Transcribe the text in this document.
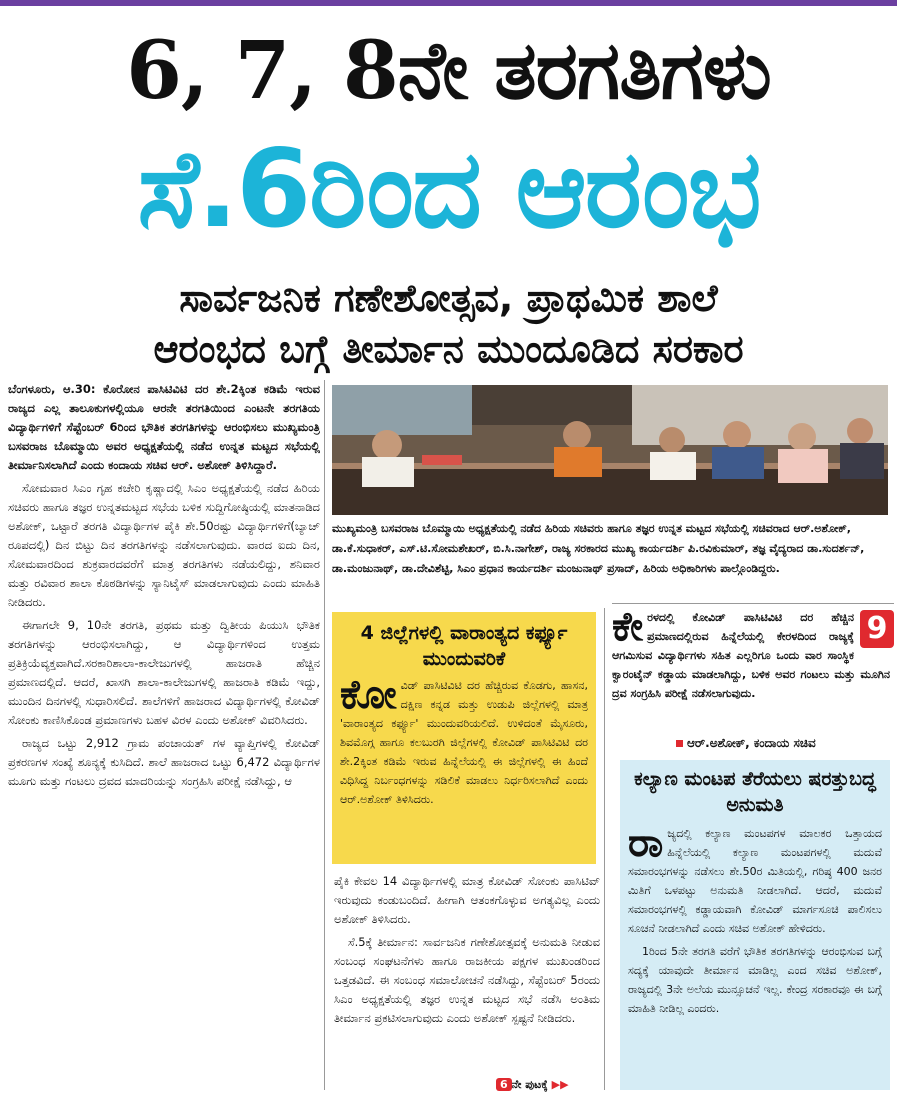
6, 7, 8ನೇ ತರಗತಿಗಳು
ಸೆ.6ರಿಂದ ಆರಂಭ
ಸಾರ್ವಜನಿಕ ಗಣೇಶೋತ್ಸವ, ಪ್ರಾಥಮಿಕ ಶಾಲೆ
ಆರಂಭದ ಬಗ್ಗೆ ತೀರ್ಮಾನ ಮುಂದೂಡಿದ ಸರಕಾರ

ಬೆಂಗಳೂರು, ಆ.30: ಕೊರೋನ ಪಾಸಿಟಿವಿಟಿ ದರ ಶೇ.2ಕ್ಕಿಂತ ಕಡಿಮೆ ಇರುವ ರಾಜ್ಯದ ಎಲ್ಲ ತಾಲೂಕುಗಳಲ್ಲಿಯೂ ಆರನೇ ತರಗತಿಯಿಂದ ಎಂಟನೇ ತರಗತಿಯ ವಿದ್ಯಾರ್ಥಿಗಳಿಗೆ ಸೆಪ್ಟೆಂಬರ್ 6ರಿಂದ ಭೌತಿಕ ತರಗತಿಗಳನ್ನು ಆರಂಭಿಸಲು ಮುಖ್ಯಮಂತ್ರಿ ಬಸವರಾಜ ಬೊಮ್ಮಾಯಿ ಅವರ ಅಧ್ಯಕ್ಷತೆಯಲ್ಲಿ ನಡೆದ ಉನ್ನತ ಮಟ್ಟದ ಸಭೆಯಲ್ಲಿ ತೀರ್ಮಾನಿಸಲಾಗಿದೆ ಎಂದು ಕಂದಾಯ ಸಚಿವ ಆರ್. ಅಶೋಕ್ ತಿಳಿಸಿದ್ದಾರೆ.

ಸೋಮವಾರ ಸಿಎಂ ಗೃಹ ಕಚೇರಿ ಕೃಷ್ಣಾದಲ್ಲಿ ಸಿಎಂ ಅಧ್ಯಕ್ಷತೆಯಲ್ಲಿ ನಡೆದ ಹಿರಿಯ ಸಚಿವರು ಹಾಗೂ ತಜ್ಞರ ಉನ್ನತಮಟ್ಟದ ಸಭೆಯ ಬಳಿಕ ಸುದ್ದಿಗೋಷ್ಠಿಯಲ್ಲಿ ಮಾತನಾಡಿದ ಅಶೋಕ್, ಒಟ್ಟಾರೆ ತರಗತಿ ವಿದ್ಯಾರ್ಥಿಗಳ ಪೈಕಿ ಶೇ.50ರಷ್ಟು ವಿದ್ಯಾರ್ಥಿಗಳಿಗೆ(ಬ್ಯಾಚ್ ರೂಪದಲ್ಲಿ) ದಿನ ಬಿಟ್ಟು ದಿನ ತರಗತಿಗಳನ್ನು ನಡೆಸಲಾಗುವುದು. ವಾರದ ಐದು ದಿನ, ಸೋಮವಾರದಿಂದ ಶುಕ್ರವಾರದವರೆಗೆ ಮಾತ್ರ ತರಗತಿಗಳು ನಡೆಯಲಿದ್ದು, ಶನಿವಾರ ಮತ್ತು ರವಿವಾರ ಶಾಲಾ ಕೊಠಡಿಗಳನ್ನು ಸ್ಯಾನಿಟೈಸ್ ಮಾಡಲಾಗುವುದು ಎಂದು ಮಾಹಿತಿ ನೀಡಿದರು.

ಈಗಾಗಲೇ 9, 10ನೇ ತರಗತಿ, ಪ್ರಥಮ ಮತ್ತು ದ್ವಿತೀಯ ಪಿಯುಸಿ ಭೌತಿಕ ತರಗತಿಗಳನ್ನು ಆರಂಭಿಸಲಾಗಿದ್ದು, ಆ ವಿದ್ಯಾರ್ಥಿಗಳಿಂದ ಉತ್ತಮ ಪ್ರತಿಕ್ರಿಯೆವ್ಯಕ್ತವಾಗಿದೆ.ಸರಕಾರಿಶಾಲಾ-ಕಾಲೇಜುಗಳಲ್ಲಿ ಹಾಜರಾತಿ ಹೆಚ್ಚಿನ ಪ್ರಮಾಣದಲ್ಲಿದೆ. ಆದರೆ, ಖಾಸಗಿ ಶಾಲಾ-ಕಾಲೇಜುಗಳಲ್ಲಿ ಹಾಜರಾತಿ ಕಡಿಮೆ ಇದ್ದು, ಮುಂದಿನ ದಿನಗಳಲ್ಲಿ ಸುಧಾರಿಸಲಿದೆ. ಶಾಲೆಗಳಿಗೆ ಹಾಜರಾದ ವಿದ್ಯಾರ್ಥಿಗಳಲ್ಲಿ ಕೋವಿಡ್ ಸೋಂಕು ಕಾಣಿಸಿಕೊಂಡ ಪ್ರಮಾಣಗಳು ಬಹಳ ವಿರಳ ಎಂದು ಅಶೋಕ್ ವಿವರಿಸಿದರು.

ರಾಜ್ಯದ ಒಟ್ಟು 2,912 ಗ್ರಾಮ ಪಂಚಾಯತ್ ಗಳ ವ್ಯಾಪ್ತಿಗಳಲ್ಲಿ ಕೋವಿಡ್ ಪ್ರಕರಣಗಳ ಸಂಖ್ಯೆ ಶೂನ್ಯಕ್ಕೆ ಕುಸಿದಿದೆ. ಶಾಲೆ ಹಾಜರಾದ ಒಟ್ಟು 6,472 ವಿದ್ಯಾರ್ಥಿಗಳ ಮೂಗು ಮತ್ತು ಗಂಟಲು ದ್ರವದ ಮಾದರಿಯನ್ನು ಸಂಗ್ರಹಿಸಿ ಪರೀಕ್ಷೆ ನಡೆಸಿದ್ದು, ಆ

ಮುಖ್ಯಮಂತ್ರಿ ಬಸವರಾಜ ಬೊಮ್ಮಾಯಿ ಅಧ್ಯಕ್ಷತೆಯಲ್ಲಿ ನಡೆದ ಹಿರಿಯ ಸಚಿವರು ಹಾಗೂ ತಜ್ಞರ ಉನ್ನತ ಮಟ್ಟದ ಸಭೆಯಲ್ಲಿ ಸಚಿವರಾದ ಆರ್.ಅಶೋಕ್, ಡಾ.ಕೆ.ಸುಧಾಕರ್, ಎಸ್.ಟಿ.ಸೋಮಶೇಖರ್, ಬಿ.ಸಿ.ನಾಗೇಶ್, ರಾಜ್ಯ ಸರಕಾರದ ಮುಖ್ಯ ಕಾರ್ಯದರ್ಶಿ ಪಿ.ರವಿಕುಮಾರ್, ತಜ್ಞ ವೈದ್ಯರಾದ ಡಾ.ಸುದರ್ಶನ್, ಡಾ.ಮಂಜುನಾಥ್, ಡಾ.ದೇವಿಶೆಟ್ಟಿ, ಸಿಎಂ ಪ್ರಧಾನ ಕಾರ್ಯದರ್ಶಿ ಮಂಜುನಾಥ್ ಪ್ರಸಾದ್, ಹಿರಿಯ ಅಧಿಕಾರಿಗಳು ಪಾಲ್ಗೊಂಡಿದ್ದರು.
4 ಜಿಲ್ಲೆಗಳಲ್ಲಿ ವಾರಾಂತ್ಯದ ಕರ್ಫ್ಯೂ ಮುಂದುವರಿಕೆ
ಕೋ ವಿಡ್ ಪಾಸಿಟಿವಿಟಿ ದರ ಹೆಚ್ಚಿರುವ ಕೊಡಗು, ಹಾಸನ, ದಕ್ಷಿಣ ಕನ್ನಡ ಮತ್ತು ಉಡುಪಿ ಜಿಲ್ಲೆಗಳಲ್ಲಿ ಮಾತ್ರ 'ವಾರಾಂತ್ಯದ ಕರ್ಫ್ಯೂ' ಮುಂದುವರಿಯಲಿದೆ. ಉಳಿದಂತೆ ಮೈಸೂರು, ಶಿವಮೊಗ್ಗ ಹಾಗೂ ಕಲಬುರಗಿ ಜಿಲ್ಲೆಗಳಲ್ಲಿ ಕೋವಿಡ್ ಪಾಸಿಟಿವಿಟಿ ದರ ಶೇ.2ಕ್ಕಿಂತ ಕಡಿಮೆ ಇರುವ ಹಿನ್ನೆಲೆಯಲ್ಲಿ ಈ ಜಿಲ್ಲೆಗಳಲ್ಲಿ ಈ ಹಿಂದೆ ವಿಧಿಸಿದ್ದ ನಿರ್ಬಂಧಗಳನ್ನು ಸಡಿಲಿಕೆ ಮಾಡಲು ನಿರ್ಧರಿಸಲಾಗಿದೆ ಎಂದು ಆರ್.ಅಶೋಕ್ ತಿಳಿಸಿದರು.

ಪೈಕಿ ಕೇವಲ 14 ವಿದ್ಯಾರ್ಥಿಗಳಲ್ಲಿ ಮಾತ್ರ ಕೋವಿಡ್ ಸೋಂಕು ಪಾಸಿಟಿವ್ ಇರುವುದು ಕಂಡುಬಂದಿದೆ. ಹೀಗಾಗಿ ಆತಂಕಗೊಳ್ಳುವ ಅಗತ್ಯವಿಲ್ಲ ಎಂದು ಅಶೋಕ್ ತಿಳಿಸಿದರು.

ಸೆ.5ಕ್ಕೆ ತೀರ್ಮಾನ: ಸಾರ್ವಜನಿಕ ಗಣೇಶೋತ್ಸವಕ್ಕೆ ಅನುಮತಿ ನೀಡುವ ಸಂಬಂಧ ಸಂಘಟನೆಗಳು ಹಾಗೂ ರಾಜಕೀಯ ಪಕ್ಷಗಳ ಮುಖಂಡರಿಂದ ಒತ್ತಡವಿದೆ. ಈ ಸಂಬಂಧ ಸಮಾಲೋಚನೆ ನಡೆಸಿದ್ದು, ಸೆಪ್ಟೆಂಬರ್ 5ರಂದು ಸಿಎಂ ಅಧ್ಯಕ್ಷತೆಯಲ್ಲಿ ತಜ್ಞರ ಉನ್ನತ ಮಟ್ಟದ ಸಭೆ ನಡೆಸಿ ಅಂತಿಮ ತೀರ್ಮಾನ ಪ್ರಕಟಿಸಲಾಗುವುದು ಎಂದು ಅಶೋಕ್ ಸ್ಪಷ್ಟನೆ ನೀಡಿದರು.

6 ನೇ ಪುಟಕ್ಕೆ ▶▶
9
ಕೇ ರಳದಲ್ಲಿ ಕೋವಿಡ್ ಪಾಸಿಟಿವಿಟಿ ದರ ಹೆಚ್ಚಿನ ಪ್ರಮಾಣದಲ್ಲಿರುವ ಹಿನ್ನೆಲೆಯಲ್ಲಿ ಕೇರಳದಿಂದ ರಾಜ್ಯಕ್ಕೆ ಆಗಮಿಸುವ ವಿದ್ಯಾರ್ಥಿಗಳು ಸಹಿತ ಎಲ್ಲರಿಗೂ ಒಂದು ವಾರ ಸಾಂಸ್ಥಿಕ ಕ್ವಾರಂಟೈನ್ ಕಡ್ಡಾಯ ಮಾಡಲಾಗಿದ್ದು, ಬಳಿಕ ಅವರ ಗಂಟಲು ಮತ್ತು ಮೂಗಿನ ದ್ರವ ಸಂಗ್ರಹಿಸಿ ಪರೀಕ್ಷೆ ನಡೆಸಲಾಗುವುದು.
ಆರ್.ಅಶೋಕ್, ಕಂದಾಯ ಸಚಿವ
ಕಲ್ಯಾಣ ಮಂಟಪ ತೆರೆಯಲು ಷರತ್ತುಬದ್ಧ ಅನುಮತಿ

ರಾ ಜ್ಯದಲ್ಲಿ ಕಲ್ಯಾಣ ಮಂಟಪಗಳ ಮಾಲಕರ ಒತ್ತಾಯದ ಹಿನ್ನೆಲೆಯಲ್ಲಿ ಕಲ್ಯಾಣ ಮಂಟಪಗಳಲ್ಲಿ ಮದುವೆ ಸಮಾರಂಭಗಳನ್ನು ನಡೆಸಲು ಶೇ.50ರ ಮಿತಿಯಲ್ಲಿ, ಗರಿಷ್ಠ 400 ಜನರ ಮಿತಿಗೆ ಒಳಪಟ್ಟು ಅನುಮತಿ ನೀಡಲಾಗಿದೆ. ಆದರೆ, ಮದುವೆ ಸಮಾರಂಭಗಳಲ್ಲಿ ಕಡ್ಡಾಯವಾಗಿ ಕೋವಿಡ್ ಮಾರ್ಗಸೂಚಿ ಪಾಲಿಸಲು ಸೂಚನೆ ನೀಡಲಾಗಿದೆ ಎಂದು ಸಚಿವ ಅಶೋಕ್ ಹೇಳಿದರು.

1ರಿಂದ 5ನೇ ತರಗತಿ ವರೆಗೆ ಭೌತಿಕ ತರಗತಿಗಳನ್ನು ಆರಂಭಿಸುವ ಬಗ್ಗೆ ಸದ್ಯಕ್ಕೆ ಯಾವುದೇ ತೀರ್ಮಾನ ಮಾಡಿಲ್ಲ ಎಂದ ಸಚಿವ ಅಶೋಕ್, ರಾಜ್ಯದಲ್ಲಿ 3ನೇ ಅಲೆಯ ಮುನ್ಸೂಚನೆ ಇಲ್ಲ. ಕೇಂದ್ರ ಸರಕಾರವೂ ಈ ಬಗ್ಗೆ ಮಾಹಿತಿ ನೀಡಿಲ್ಲ ಎಂದರು.
